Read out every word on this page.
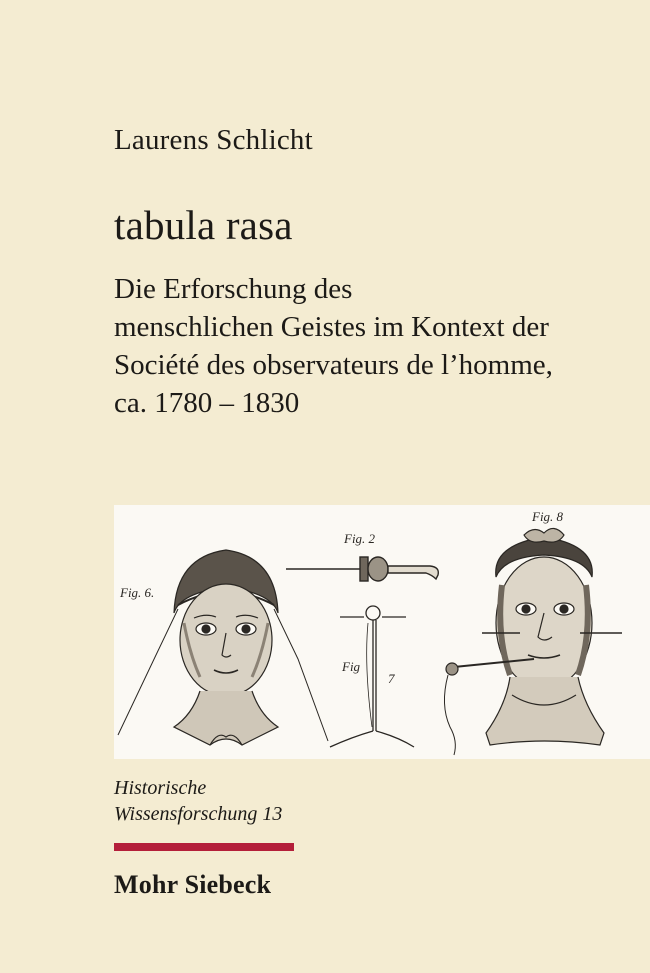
Laurens Schlicht
tabula rasa
Die Erforschung des
menschlichen Geistes im Kontext der
Société des observateurs de l’homme,
ca. 1780 – 1830
Fig. 6.
Fig. 2
Fig
7
Fig. 8
Historische
Wissensforschung 13
Mohr Siebeck
